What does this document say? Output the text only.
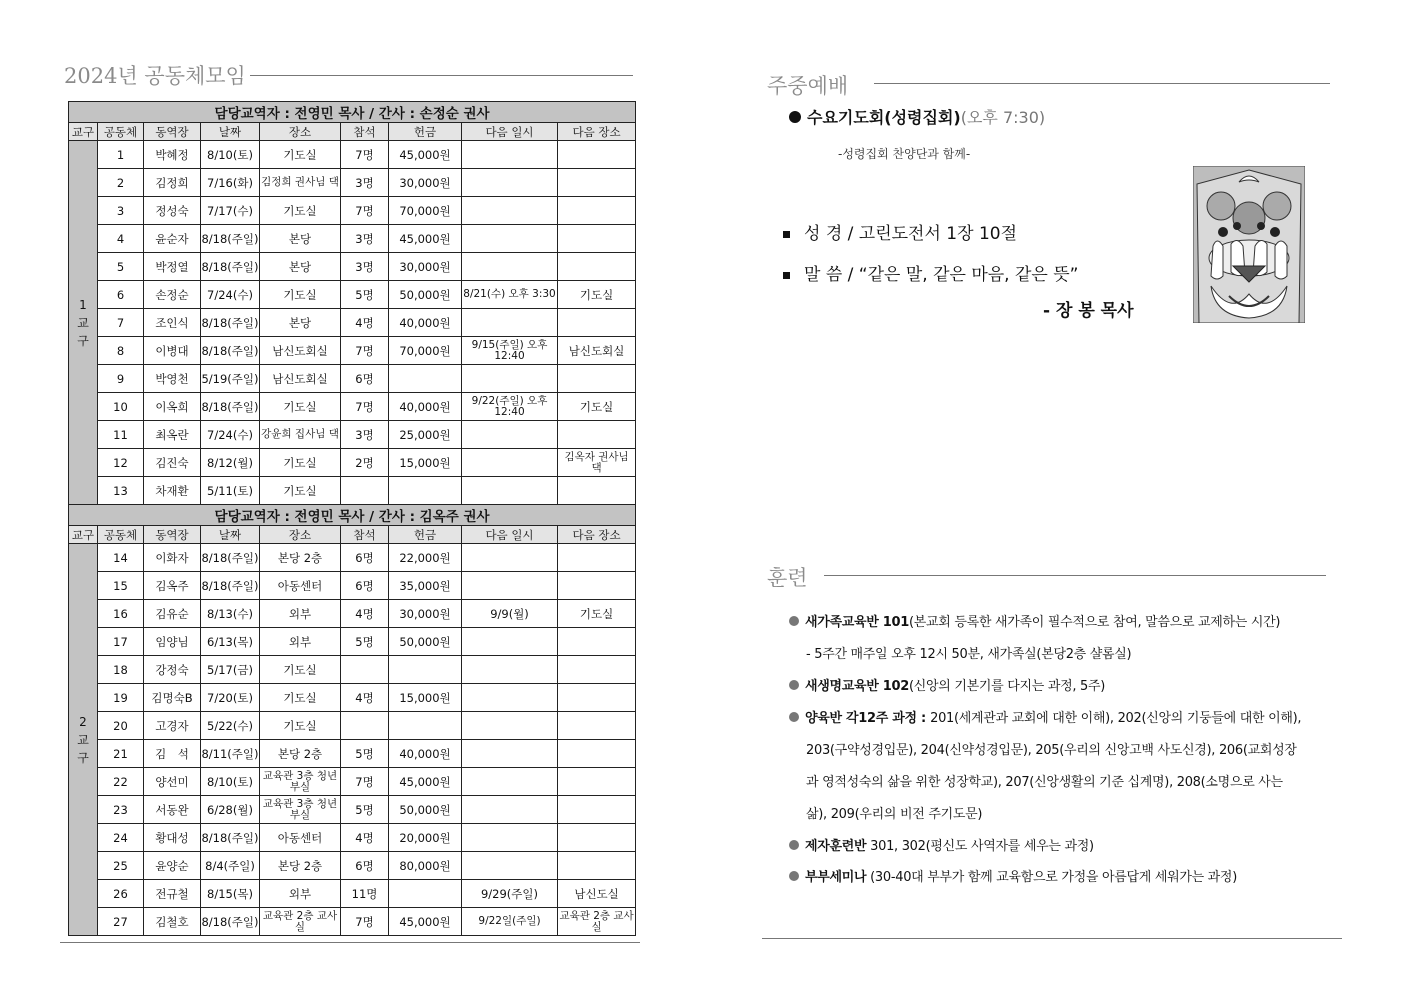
2024년 공동체모임
담당교역자 : 전영민 목사 / 간사 : 손정순 권사								
교구	공동체	동역장	날짜	장소	참석	헌금	다음 일시	다음 장소
1
교
구	1	박혜정	8/10(토)	기도실	7명	45,000원		
	2	김정희	7/16(화)	김정희 권사님 댁	3명	30,000원		
	3	정성숙	7/17(수)	기도실	7명	70,000원		
	4	윤순자	8/18(주일)	본당	3명	45,000원		
	5	박정열	8/18(주일)	본당	3명	30,000원		
	6	손정순	7/24(수)	기도실	5명	50,000원	8/21(수) 오후 3:30	기도실
	7	조인식	8/18(주일)	본당	4명	40,000원		
	8	이병대	8/18(주일)	남신도회실	7명	70,000원	9/15(주일) 오후 12:40	남신도회실
	9	박영천	5/19(주일)	남신도회실	6명			
	10	이옥희	8/18(주일)	기도실	7명	40,000원	9/22(주일) 오후 12:40	기도실
	11	최옥란	7/24(수)	강윤희 집사님 댁	3명	25,000원		
	12	김진숙	8/12(월)	기도실	2명	15,000원		김옥자 권사님 댁
	13	차재환	5/11(토)	기도실				
담당교역자 : 전영민 목사 / 간사 : 김옥주 권사								
교구	공동체	동역장	날짜	장소	참석	헌금	다음 일시	다음 장소
2
교
구	14	이화자	8/18(주일)	본당 2층	6명	22,000원		
	15	김옥주	8/18(주일)	아동센터	6명	35,000원		
	16	김유순	8/13(수)	외부	4명	30,000원	9/9(월)	기도실
	17	임양님	6/13(목)	외부	5명	50,000원		
	18	강정숙	5/17(금)	기도실				
	19	김명숙B	7/20(토)	기도실	4명	15,000원		
	20	고경자	5/22(수)	기도실				
	21	김　석	8/11(주일)	본당 2층	5명	40,000원		
	22	양선미	8/10(토)	교육관 3층 청년부실	7명	45,000원		
	23	서동완	6/28(월)	교육관 3층 청년부실	5명	50,000원		
	24	황대성	8/18(주일)	아동센터	4명	20,000원		
	25	윤양순	8/4(주일)	본당 2층	6명	80,000원		
	26	전규철	8/15(목)	외부	11명		9/29(주일)	남신도실
	27	김철호	8/18(주일)	교육관 2층 교사실	7명	45,000원	9/22일(주일)	교육관 2층 교사실
주중예배
수요기도회(성령집회)(오후 7:30)
-성령집회 찬양단과 함께-
성 경 / 고린도전서 1장 10절
말 씀 / “같은 말, 같은 마음, 같은 뜻”
- 장 봉 목사
훈련
새가족교육반 101(본교회 등록한 새가족이 필수적으로 참여, 말씀으로 교제하는 시간)
- 5주간 매주일 오후 12시 50분, 새가족실(본당2층 샬롬실)
새생명교육반 102(신앙의 기본기를 다지는 과정, 5주)
양육반 각12주 과정 : 201(세계관과 교회에 대한 이해), 202(신앙의 기둥들에 대한 이해),
203(구약성경입문), 204(신약성경입문), 205(우리의 신앙고백 사도신경), 206(교회성장
과 영적성숙의 삶을 위한 성장학교), 207(신앙생활의 기준 십계명), 208(소명으로 사는
삶), 209(우리의 비전 주기도문)
제자훈련반 301, 302(평신도 사역자를 세우는 과정)
부부세미나 (30-40대 부부가 함께 교육함으로 가정을 아름답게 세워가는 과정)
